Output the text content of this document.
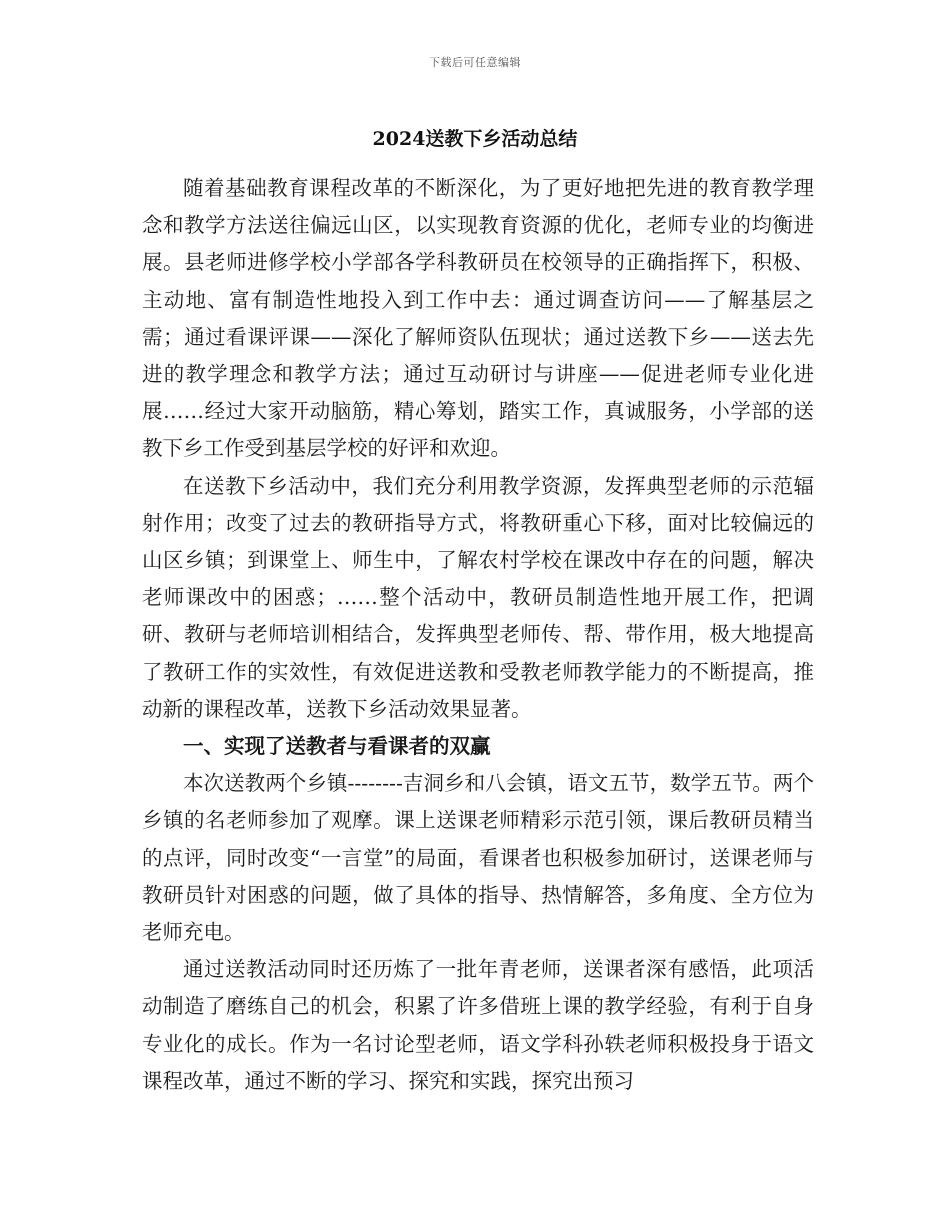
下载后可任意编辑
2024送教下乡活动总结

随着基础教育课程改革的不断深化，为了更好地把先进的教育教学理念和教学方法送往偏远山区，以实现教育资源的优化，老师专业的均衡进展。县老师进修学校小学部各学科教研员在校领导的正确指挥下，积极、主动地、富有制造性地投入到工作中去：通过调查访问——了解基层之需；通过看课评课——深化了解师资队伍现状；通过送教下乡——送去先进的教学理念和教学方法；通过互动研讨与讲座——促进老师专业化进展……经过大家开动脑筋，精心筹划，踏实工作，真诚服务，小学部的送教下乡工作受到基层学校的好评和欢迎。

在送教下乡活动中，我们充分利用教学资源，发挥典型老师的示范辐射作用；改变了过去的教研指导方式，将教研重心下移，面对比较偏远的山区乡镇；到课堂上、师生中，了解农村学校在课改中存在的问题，解决老师课改中的困惑；……整个活动中，教研员制造性地开展工作，把调研、教研与老师培训相结合，发挥典型老师传、帮、带作用，极大地提高了教研工作的实效性，有效促进送教和受教老师教学能力的不断提高，推动新的课程改革，送教下乡活动效果显著。

一、实现了送教者与看课者的双赢

本次送教两个乡镇--------吉洞乡和八会镇，语文五节，数学五节。两个乡镇的名老师参加了观摩。课上送课老师精彩示范引领，课后教研员精当的点评，同时改变“一言堂”的局面，看课者也积极参加研讨，送课老师与教研员针对困惑的问题，做了具体的指导、热情解答，多角度、全方位为老师充电。

通过送教活动同时还历炼了一批年青老师，送课者深有感悟，此项活动制造了磨练自己的机会，积累了许多借班上课的教学经验，有利于自身专业化的成长。作为一名讨论型老师，语文学科孙轶老师积极投身于语文课程改革，通过不断的学习、探究和实践，探究出预习
